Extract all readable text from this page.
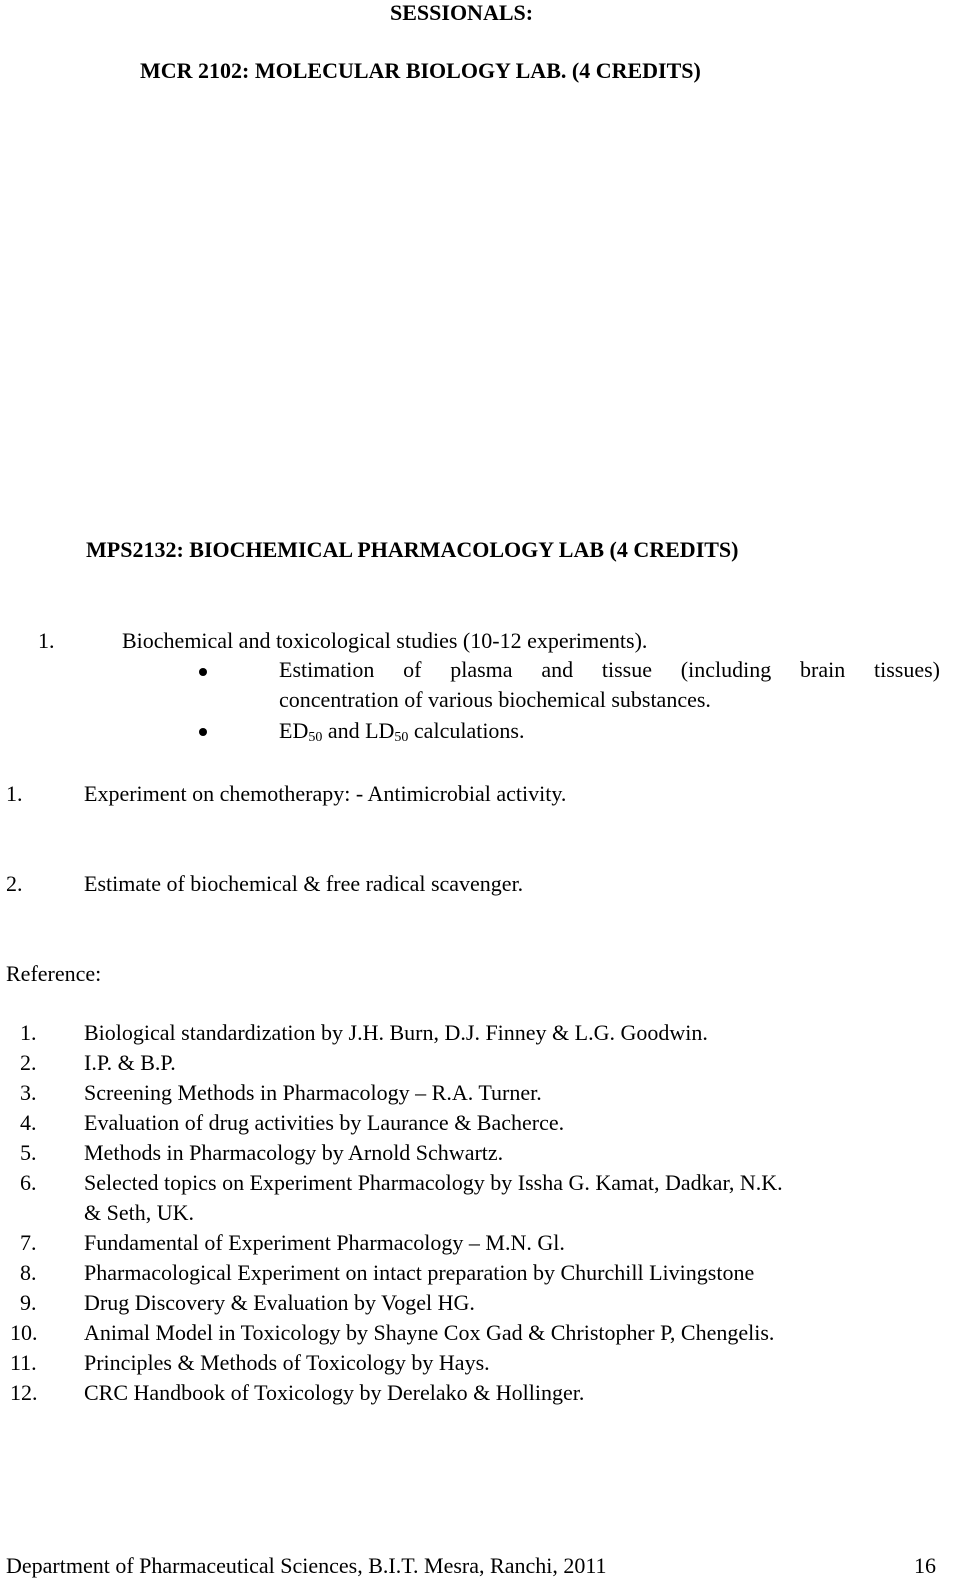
SESSIONALS:
MCR 2102: MOLECULAR BIOLOGY LAB. (4 CREDITS)
MPS2132: BIOCHEMICAL PHARMACOLOGY LAB (4 CREDITS)
1.	Biochemical and toxicological studies (10-12 experiments).
Estimation of plasma and tissue (including brain tissues)
concentration of various biochemical substances.
$ED_{50}$ and $LD_{50}$ calculations.
1.	Experiment on chemotherapy: - Antimicrobial activity.
2.	Estimate of biochemical & free radical scavenger.
Reference:
1. Biological standardization by J.H. Burn, D.J. Finney & L.G. Goodwin.
2. I.P. & B.P.
3. Screening Methods in Pharmacology – R.A. Turner.
4. Evaluation of drug activities by Laurance & Bacherce.
5. Methods in Pharmacology by Arnold Schwartz.
6. Selected topics on Experiment Pharmacology by Issha G. Kamat, Dadkar, N.K.
& Seth, UK.
7. Fundamental of Experiment Pharmacology – M.N. Gl.
8. Pharmacological Experiment on intact preparation by Churchill Livingstone
9. Drug Discovery & Evaluation by Vogel HG.
10. Animal Model in Toxicology by Shayne Cox Gad & Christopher P, Chengelis.
11. Principles & Methods of Toxicology by Hays.
12. CRC Handbook of Toxicology by Derelako & Hollinger.
Department of Pharmaceutical Sciences, B.I.T. Mesra, Ranchi, 2011	16
